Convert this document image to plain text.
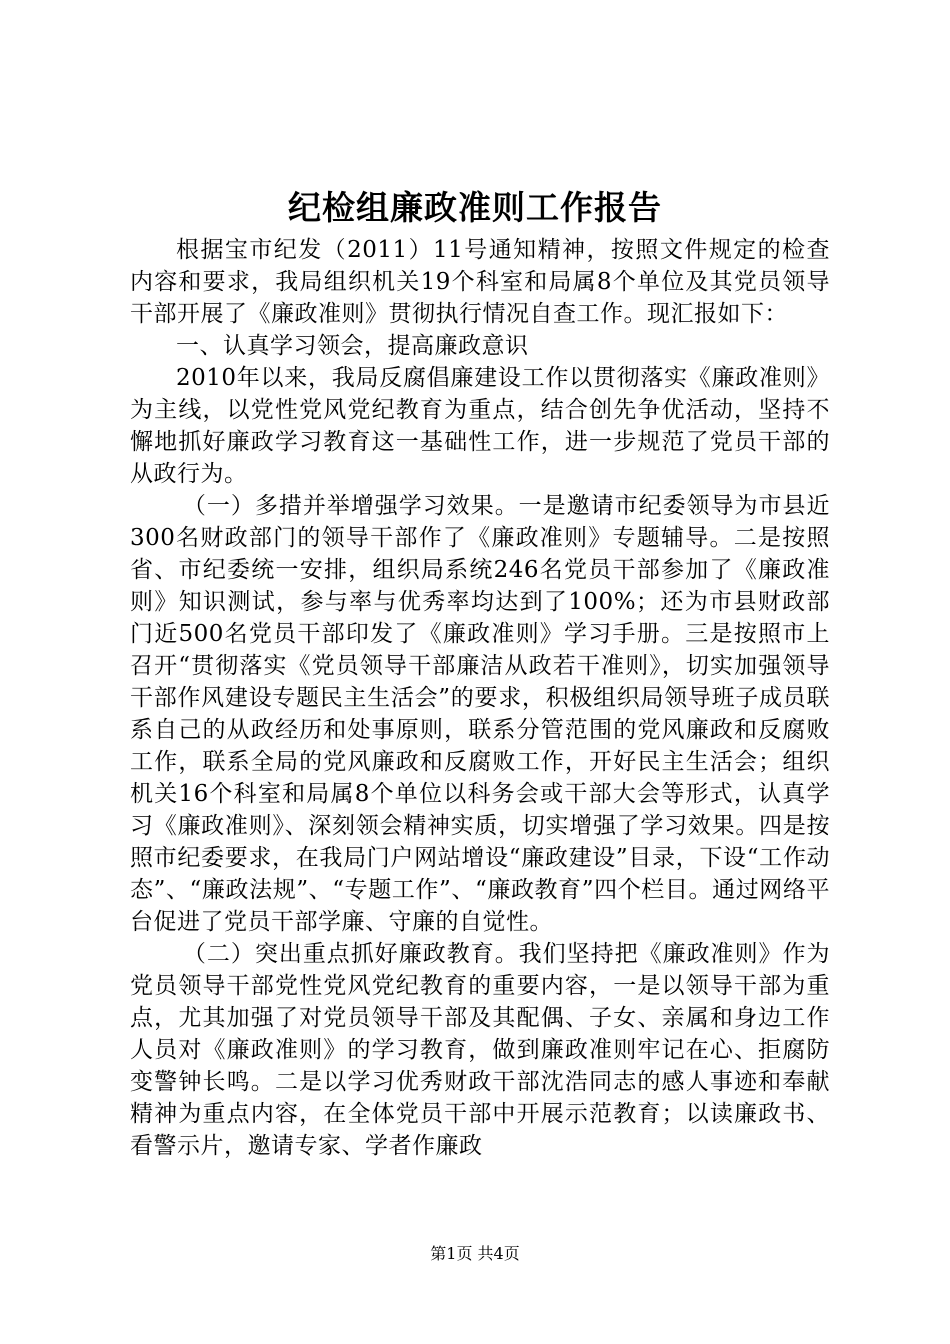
纪检组廉政准则工作报告

根据宝市纪发（2011）11号通知精神，按照文件规定的检查内容和要求，我局组织机关19个科室和局属8个单位及其党员领导干部开展了《廉政准则》贯彻执行情况自查工作。现汇报如下：

一、认真学习领会，提高廉政意识

2010年以来，我局反腐倡廉建设工作以贯彻落实《廉政准则》为主线，以党性党风党纪教育为重点，结合创先争优活动，坚持不懈地抓好廉政学习教育这一基础性工作，进一步规范了党员干部的从政行为。

（一）多措并举增强学习效果。一是邀请市纪委领导为市县近300名财政部门的领导干部作了《廉政准则》专题辅导。二是按照省、市纪委统一安排，组织局系统246名党员干部参加了《廉政准则》知识测试，参与率与优秀率均达到了100%；还为市县财政部门近500名党员干部印发了《廉政准则》学习手册。三是按照市上召开“贯彻落实《党员领导干部廉洁从政若干准则》，切实加强领导干部作风建设专题民主生活会”的要求，积极组织局领导班子成员联系自己的从政经历和处事原则，联系分管范围的党风廉政和反腐败工作，联系全局的党风廉政和反腐败工作，开好民主生活会；组织机关16个科室和局属8个单位以科务会或干部大会等形式，认真学习《廉政准则》、深刻领会精神实质，切实增强了学习效果。四是按照市纪委要求，在我局门户网站增设“廉政建设”目录，下设“工作动态”、“廉政法规”、“专题工作”、“廉政教育”四个栏目。通过网络平台促进了党员干部学廉、守廉的自觉性。

（二）突出重点抓好廉政教育。我们坚持把《廉政准则》作为党员领导干部党性党风党纪教育的重要内容，一是以领导干部为重点，尤其加强了对党员领导干部及其配偶、子女、亲属和身边工作人员对《廉政准则》的学习教育，做到廉政准则牢记在心、拒腐防变警钟长鸣。二是以学习优秀财政干部沈浩同志的感人事迹和奉献精神为重点内容，在全体党员干部中开展示范教育；以读廉政书、看警示片，邀请专家、学者作廉政

第1页 共4页
